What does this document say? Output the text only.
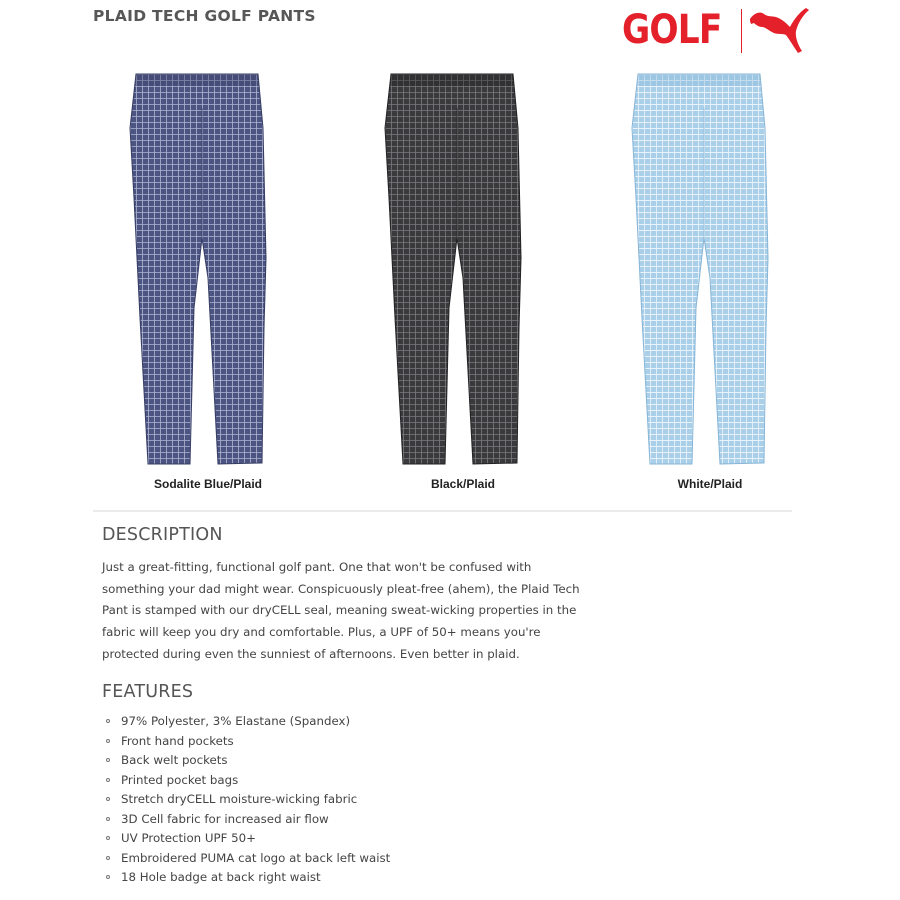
PLAID TECH GOLF PANTS	GOLF
Sodalite Blue/Plaid	Black/Plaid	White/Plaid
DESCRIPTION
Just a great-fitting, functional golf pant. One that won't be confused with
something your dad might wear. Conspicuously pleat-free (ahem), the Plaid Tech
Pant is stamped with our dryCELL seal, meaning sweat-wicking properties in the
fabric will keep you dry and comfortable. Plus, a UPF of 50+ means you're
protected during even the sunniest of afternoons. Even better in plaid.
FEATURES
97% Polyester, 3% Elastane (Spandex)
Front hand pockets
Back welt pockets
Printed pocket bags
Stretch dryCELL moisture-wicking fabric
3D Cell fabric for increased air flow
UV Protection UPF 50+
Embroidered PUMA cat logo at back left waist
18 Hole badge at back right waist
